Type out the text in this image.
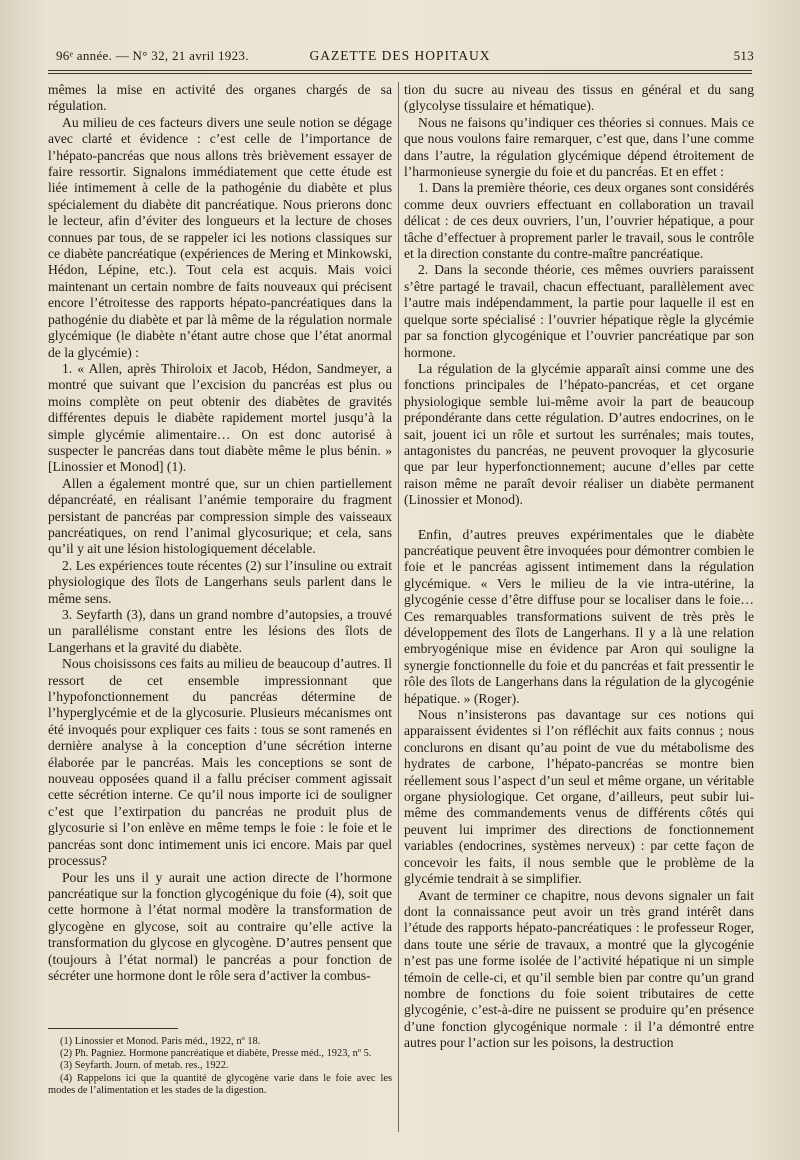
96ᵉ année. — N° 32, 21 avril 1923.	GAZETTE DES HOPITAUX	513

mêmes la mise en activité des organes chargés de sa régulation.

Au milieu de ces facteurs divers une seule notion se dégage avec clarté et évidence : c’est celle de l’importance de l’hépato-pancréas que nous allons très brièvement essayer de faire ressortir. Signalons immédiatement que cette étude est liée intimement à celle de la pathogénie du diabète et plus spécialement du diabète dit pancréatique. Nous prierons donc le lecteur, afin d’éviter des longueurs et la lecture de choses connues par tous, de se rappeler ici les notions classiques sur ce diabète pancréatique (expériences de Mering et Minkowski, Hédon, Lépine, etc.). Tout cela est acquis. Mais voici maintenant un certain nombre de faits nouveaux qui précisent encore l’étroitesse des rapports hépato-pancréatiques dans la pathogénie du diabète et par là même de la régulation normale glycémique (le diabète n’étant autre chose que l’état anormal de la glycémie) :

1. « Allen, après Thiroloix et Jacob, Hédon, Sandmeyer, a montré que suivant que l’excision du pancréas est plus ou moins complète on peut obtenir des diabètes de gravités différentes depuis le diabète rapidement mortel jusqu’à la simple glycémie alimentaire… On est donc autorisé à suspecter le pancréas dans tout diabète même le plus bénin. » [Linossier et Monod] (1).

Allen a également montré que, sur un chien partiellement dépancréaté, en réalisant l’anémie temporaire du fragment persistant de pancréas par compression simple des vaisseaux pancréatiques, on rend l’animal glycosurique; et cela, sans qu’il y ait une lésion histologiquement décelable.

2. Les expériences toute récentes (2) sur l’insuline ou extrait physiologique des îlots de Langerhans seuls parlent dans le même sens.

3. Seyfarth (3), dans un grand nombre d’autopsies, a trouvé un parallélisme constant entre les lésions des îlots de Langerhans et la gravité du diabète.

Nous choisissons ces faits au milieu de beaucoup d’autres. Il ressort de cet ensemble impressionnant que l’hypofonctionnement du pancréas détermine de l’hyperglycémie et de la glycosurie. Plusieurs mécanismes ont été invoqués pour expliquer ces faits : tous se sont ramenés en dernière analyse à la conception d’une sécrétion interne élaborée par le pancréas. Mais les conceptions se sont de nouveau opposées quand il a fallu préciser comment agissait cette sécrétion interne. Ce qu’il nous importe ici de souligner c’est que l’extirpation du pancréas ne produit plus de glycosurie si l’on enlève en même temps le foie : le foie et le pancréas sont donc intimement unis ici encore. Mais par quel processus?

Pour les uns il y aurait une action directe de l’hormone pancréatique sur la fonction glycogénique du foie (4), soit que cette hormone à l’état normal modère la transformation de glycogène en glycose, soit au contraire qu’elle active la transformation du glycose en glycogène. D’autres pensent que (toujours à l’état normal) le pancréas a pour fonction de sécréter une hormone dont le rôle sera d’activer la combus-

tion du sucre au niveau des tissus en général et du sang (glycolyse tissulaire et hématique).

Nous ne faisons qu’indiquer ces théories si connues. Mais ce que nous voulons faire remarquer, c’est que, dans l’une comme dans l’autre, la régulation glycémique dépend étroitement de l’harmonieuse synergie du foie et du pancréas. Et en effet :

1. Dans la première théorie, ces deux organes sont considérés comme deux ouvriers effectuant en collaboration un travail délicat : de ces deux ouvriers, l’un, l’ouvrier hépatique, a pour tâche d’effectuer à proprement parler le travail, sous le contrôle et la direction constante du contre-maître pancréatique.

2. Dans la seconde théorie, ces mêmes ouvriers paraissent s’être partagé le travail, chacun effectuant, parallèlement avec l’autre mais indépendamment, la partie pour laquelle il est en quelque sorte spécialisé : l’ouvrier hépatique règle la glycémie par sa fonction glycogénique et l’ouvrier pancréatique par son hormone.

La régulation de la glycémie apparaît ainsi comme une des fonctions principales de l’hépato-pancréas, et cet organe physiologique semble lui-même avoir la part de beaucoup prépondérante dans cette régulation. D’autres endocrines, on le sait, jouent ici un rôle et surtout les surrénales; mais toutes, antagonistes du pancréas, ne peuvent provoquer la glycosurie que par leur hyperfonctionnement; aucune d’elles par cette raison même ne paraît devoir réaliser un diabète permanent (Linossier et Monod).

Enfin, d’autres preuves expérimentales que le diabète pancréatique peuvent être invoquées pour démontrer combien le foie et le pancréas agissent intimement dans la régulation glycémique. « Vers le milieu de la vie intra-utérine, la glycogénie cesse d’être diffuse pour se localiser dans le foie… Ces remarquables transformations suivent de très près le développement des îlots de Langerhans. Il y a là une relation embryogénique mise en évidence par Aron qui souligne la synergie fonctionnelle du foie et du pancréas et fait pressentir le rôle des îlots de Langerhans dans la régulation de la glycogénie hépatique. » (Roger).

Nous n’insisterons pas davantage sur ces notions qui apparaissent évidentes si l’on réfléchit aux faits connus ; nous conclurons en disant qu’au point de vue du métabolisme des hydrates de carbone, l’hépato-pancréas se montre bien réellement sous l’aspect d’un seul et même organe, un véritable organe physiologique. Cet organe, d’ailleurs, peut subir lui-même des commandements venus de différents côtés qui peuvent lui imprimer des directions de fonctionnement variables (endocrines, systèmes nerveux) : par cette façon de concevoir les faits, il nous semble que le problème de la glycémie tendrait à se simplifier.

Avant de terminer ce chapitre, nous devons signaler un fait dont la connaissance peut avoir un très grand intérêt dans l’étude des rapports hépato-pancréatiques : le professeur Roger, dans toute une série de travaux, a montré que la glycogénie n’est pas une forme isolée de l’activité hépatique ni un simple témoin de celle-ci, et qu’il semble bien par contre qu’un grand nombre de fonctions du foie soient tributaires de cette glycogénie, c’est-à-dire ne puissent se produire qu’en présence d’une fonction glycogénique normale : il l’a démontré entre autres pour l’action sur les poisons, la destruction

(1) Linossier et Monod. Paris méd., 1922, nº 18.

(2) Ph. Pagniez. Hormone pancréatique et diabète, Presse méd., 1923, nº 5.

(3) Seyfarth. Journ. of metab. res., 1922.

(4) Rappelons ici que la quantité de glycogène varie dans le foie avec les modes de l’alimentation et les stades de la digestion.
